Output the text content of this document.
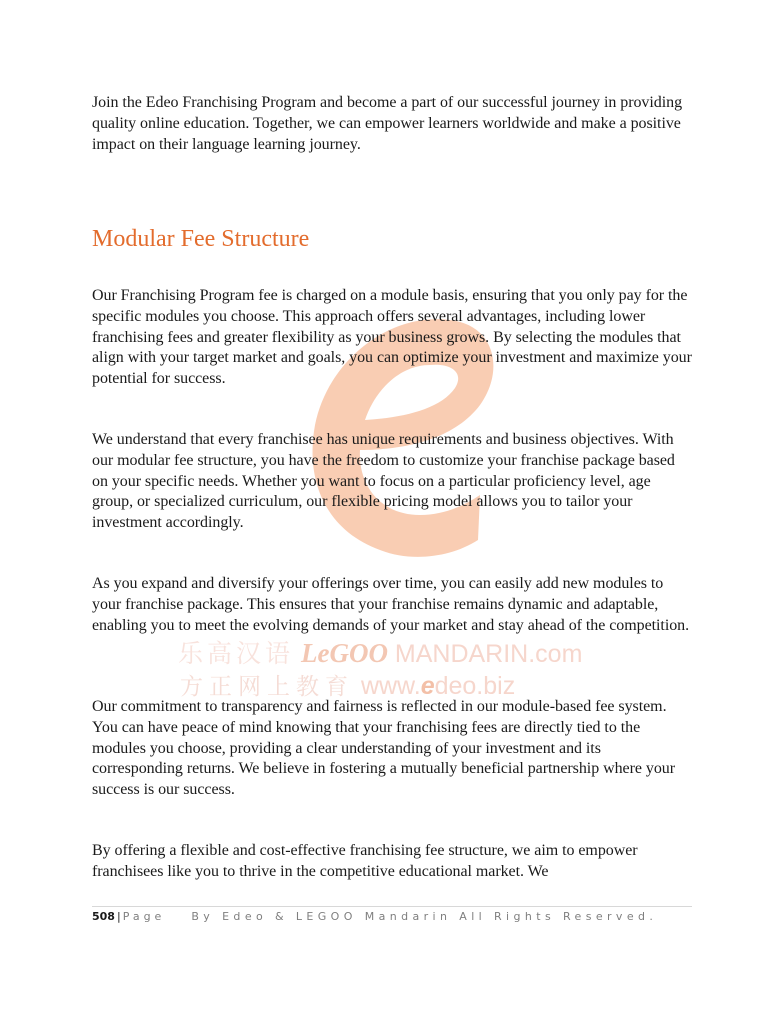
乐高汉语 LeGOO MANDARIN.com
方正网上教育 www.edeo.biz

Join the Edeo Franchising Program and become a part of our successful journey in providing quality online education. Together, we can empower learners worldwide and make a positive impact on their language learning journey.

Modular Fee Structure

Our Franchising Program fee is charged on a module basis, ensuring that you only pay for the specific modules you choose. This approach offers several advantages, including lower franchising fees and greater flexibility as your business grows. By selecting the modules that align with your target market and goals, you can optimize your investment and maximize your potential for success.

We understand that every franchisee has unique requirements and business objectives. With our modular fee structure, you have the freedom to customize your franchise package based on your specific needs. Whether you want to focus on a particular proficiency level, age group, or specialized curriculum, our flexible pricing model allows you to tailor your investment accordingly.

As you expand and diversify your offerings over time, you can easily add new modules to your franchise package. This ensures that your franchise remains dynamic and adaptable, enabling you to meet the evolving demands of your market and stay ahead of the competition.

Our commitment to transparency and fairness is reflected in our module-based fee system. You can have peace of mind knowing that your franchising fees are directly tied to the modules you choose, providing a clear understanding of your investment and its corresponding returns. We believe in fostering a mutually beneficial partnership where your success is our success.

By offering a flexible and cost-effective franchising fee structure, we aim to empower franchisees like you to thrive in the competitive educational market. We

508 | Page By Edeo & LEGOO Mandarin All Rights Reserved.
